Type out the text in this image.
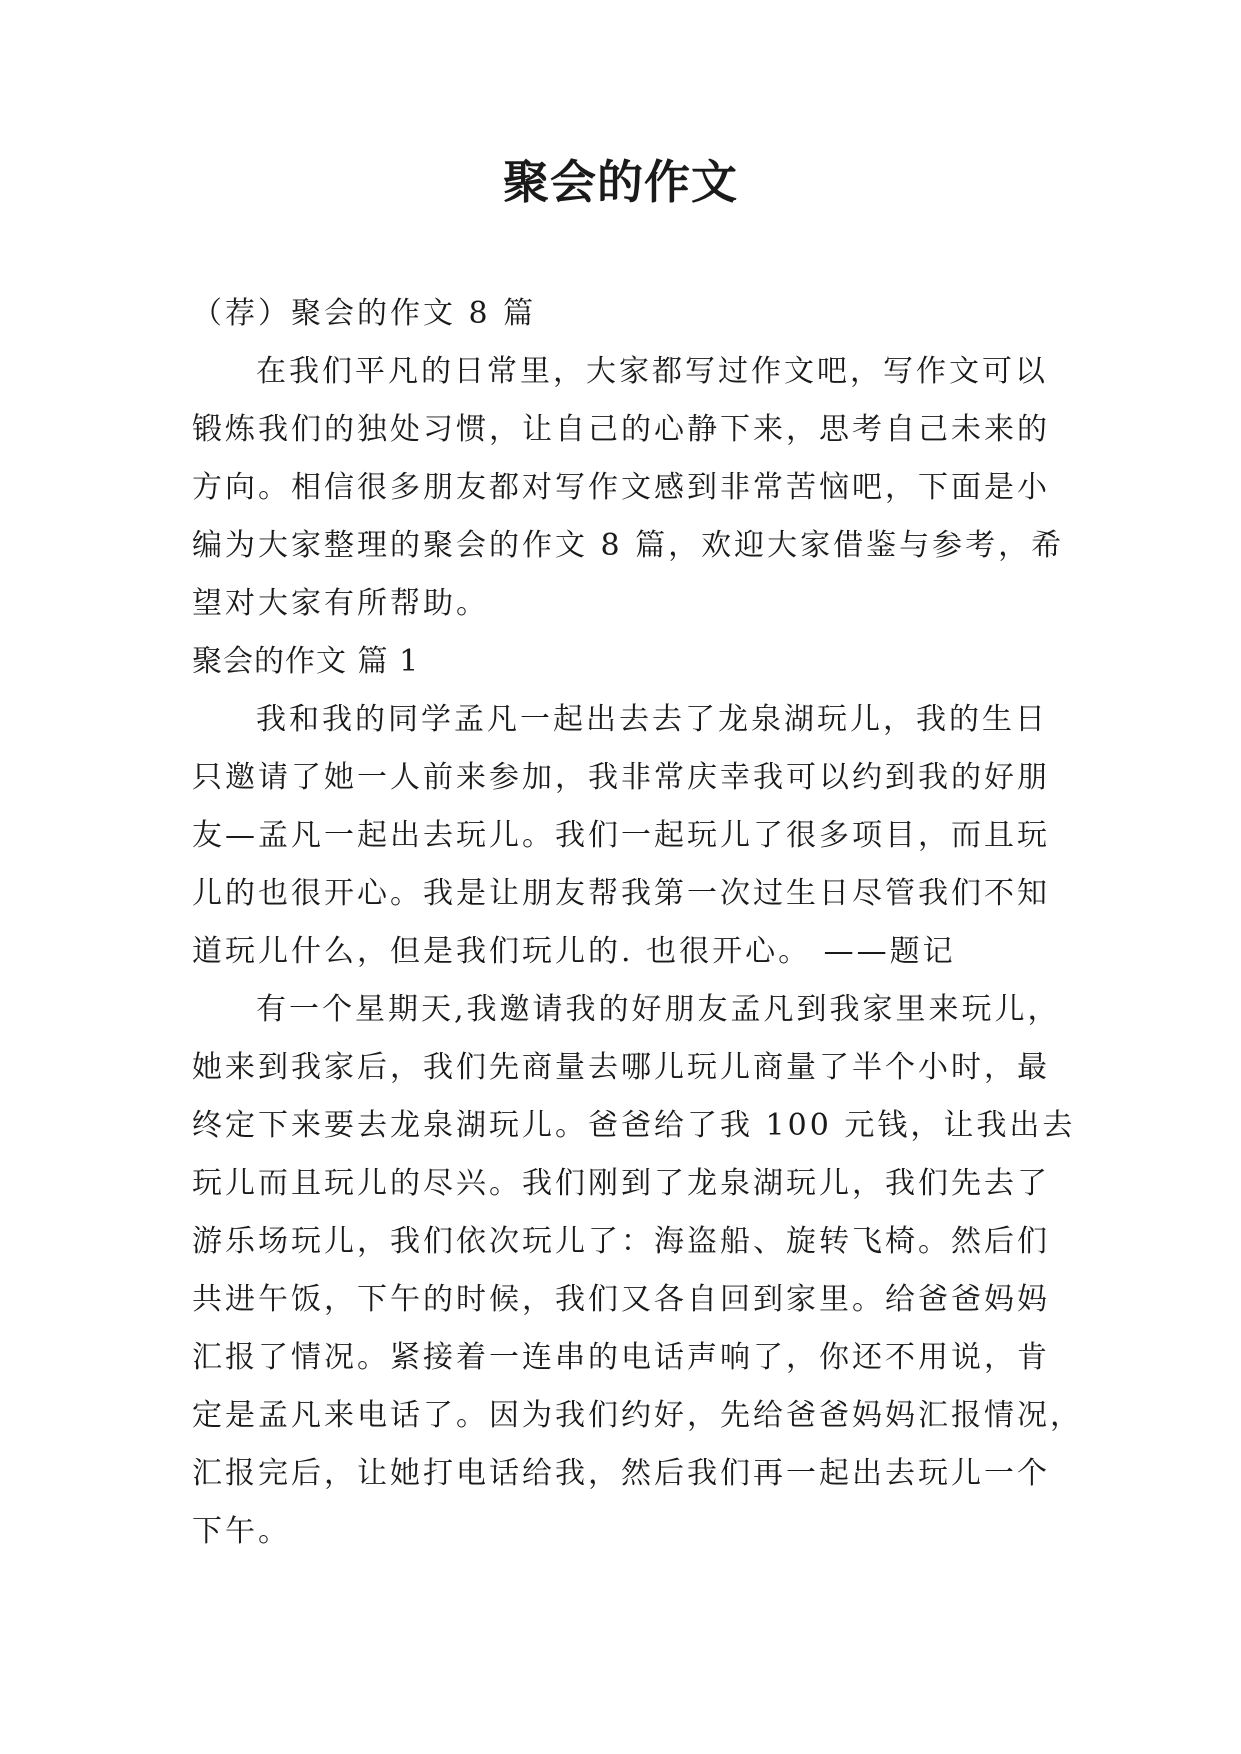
聚会的作文
（荐）聚会的作文 8 篇
在我们平凡的日常里，大家都写过作文吧，写作文可以
锻炼我们的独处习惯，让自己的心静下来，思考自己未来的
方向。相信很多朋友都对写作文感到非常苦恼吧，下面是小
编为大家整理的聚会的作文 8 篇，欢迎大家借鉴与参考，希
望对大家有所帮助。
聚会的作文 篇 1
我和我的同学孟凡一起出去去了龙泉湖玩儿，我的生日
只邀请了她一人前来参加，我非常庆幸我可以约到我的好朋
友—孟凡一起出去玩儿。我们一起玩儿了很多项目，而且玩
儿的也很开心。我是让朋友帮我第一次过生日尽管我们不知
道玩儿什么，但是我们玩儿的. 也很开心。 ——题记
有一个星期天,我邀请我的好朋友孟凡到我家里来玩儿，
她来到我家后，我们先商量去哪儿玩儿商量了半个小时，最
终定下来要去龙泉湖玩儿。爸爸给了我 100 元钱，让我出去
玩儿而且玩儿的尽兴。我们刚到了龙泉湖玩儿，我们先去了
游乐场玩儿，我们依次玩儿了：海盗船、旋转飞椅。然后们
共进午饭，下午的时候，我们又各自回到家里。给爸爸妈妈
汇报了情况。紧接着一连串的电话声响了，你还不用说，肯
定是孟凡来电话了。因为我们约好，先给爸爸妈妈汇报情况，
汇报完后，让她打电话给我，然后我们再一起出去玩儿一个
下午。
